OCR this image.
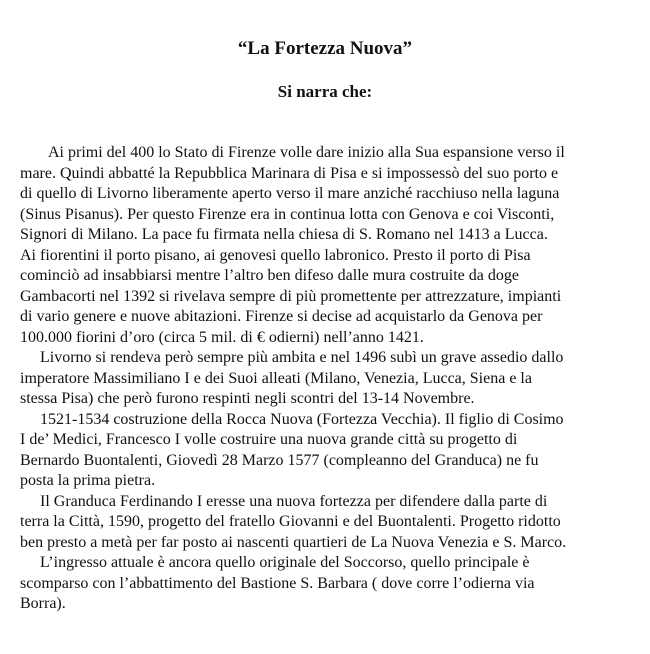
“La Fortezza Nuova”
Si narra che:
Ai primi del 400 lo Stato di Firenze volle dare inizio alla Sua espansione verso il
mare. Quindi abbatté la Repubblica Marinara di Pisa e si impossessò del suo porto e
di quello di Livorno liberamente aperto verso il mare anziché racchiuso nella laguna
(Sinus Pisanus). Per questo Firenze era in continua lotta con Genova e coi Visconti,
Signori di Milano. La pace fu firmata nella chiesa di S. Romano nel 1413 a Lucca.
Ai fiorentini il porto pisano, ai genovesi quello labronico. Presto il porto di Pisa
cominciò ad insabbiarsi mentre l’altro ben difeso dalle mura costruite da doge
Gambacorti nel 1392 si rivelava sempre di più promettente per attrezzature, impianti
di vario genere e nuove abitazioni. Firenze si decise ad acquistarlo da Genova per
100.000 fiorini d’oro (circa 5 mil. di € odierni) nell’anno 1421.
Livorno si rendeva però sempre più ambita e nel 1496 subì un grave assedio dallo
imperatore Massimiliano I e dei Suoi alleati (Milano, Venezia, Lucca, Siena e la
stessa Pisa) che però furono respinti negli scontri del 13-14 Novembre.
1521-1534 costruzione della Rocca Nuova (Fortezza Vecchia). Il figlio di Cosimo
I de’ Medici, Francesco I volle costruire una nuova grande città su progetto di
Bernardo Buontalenti, Giovedì 28 Marzo 1577 (compleanno del Granduca) ne fu
posta la prima pietra.
Il Granduca Ferdinando I eresse una nuova fortezza per difendere dalla parte di
terra la Città, 1590, progetto del fratello Giovanni e del Buontalenti. Progetto ridotto
ben presto a metà per far posto ai nascenti quartieri de La Nuova Venezia e S. Marco.
L’ingresso attuale è ancora quello originale del Soccorso, quello principale è
scomparso con l’abbattimento del Bastione S. Barbara ( dove corre l’odierna via
Borra).
